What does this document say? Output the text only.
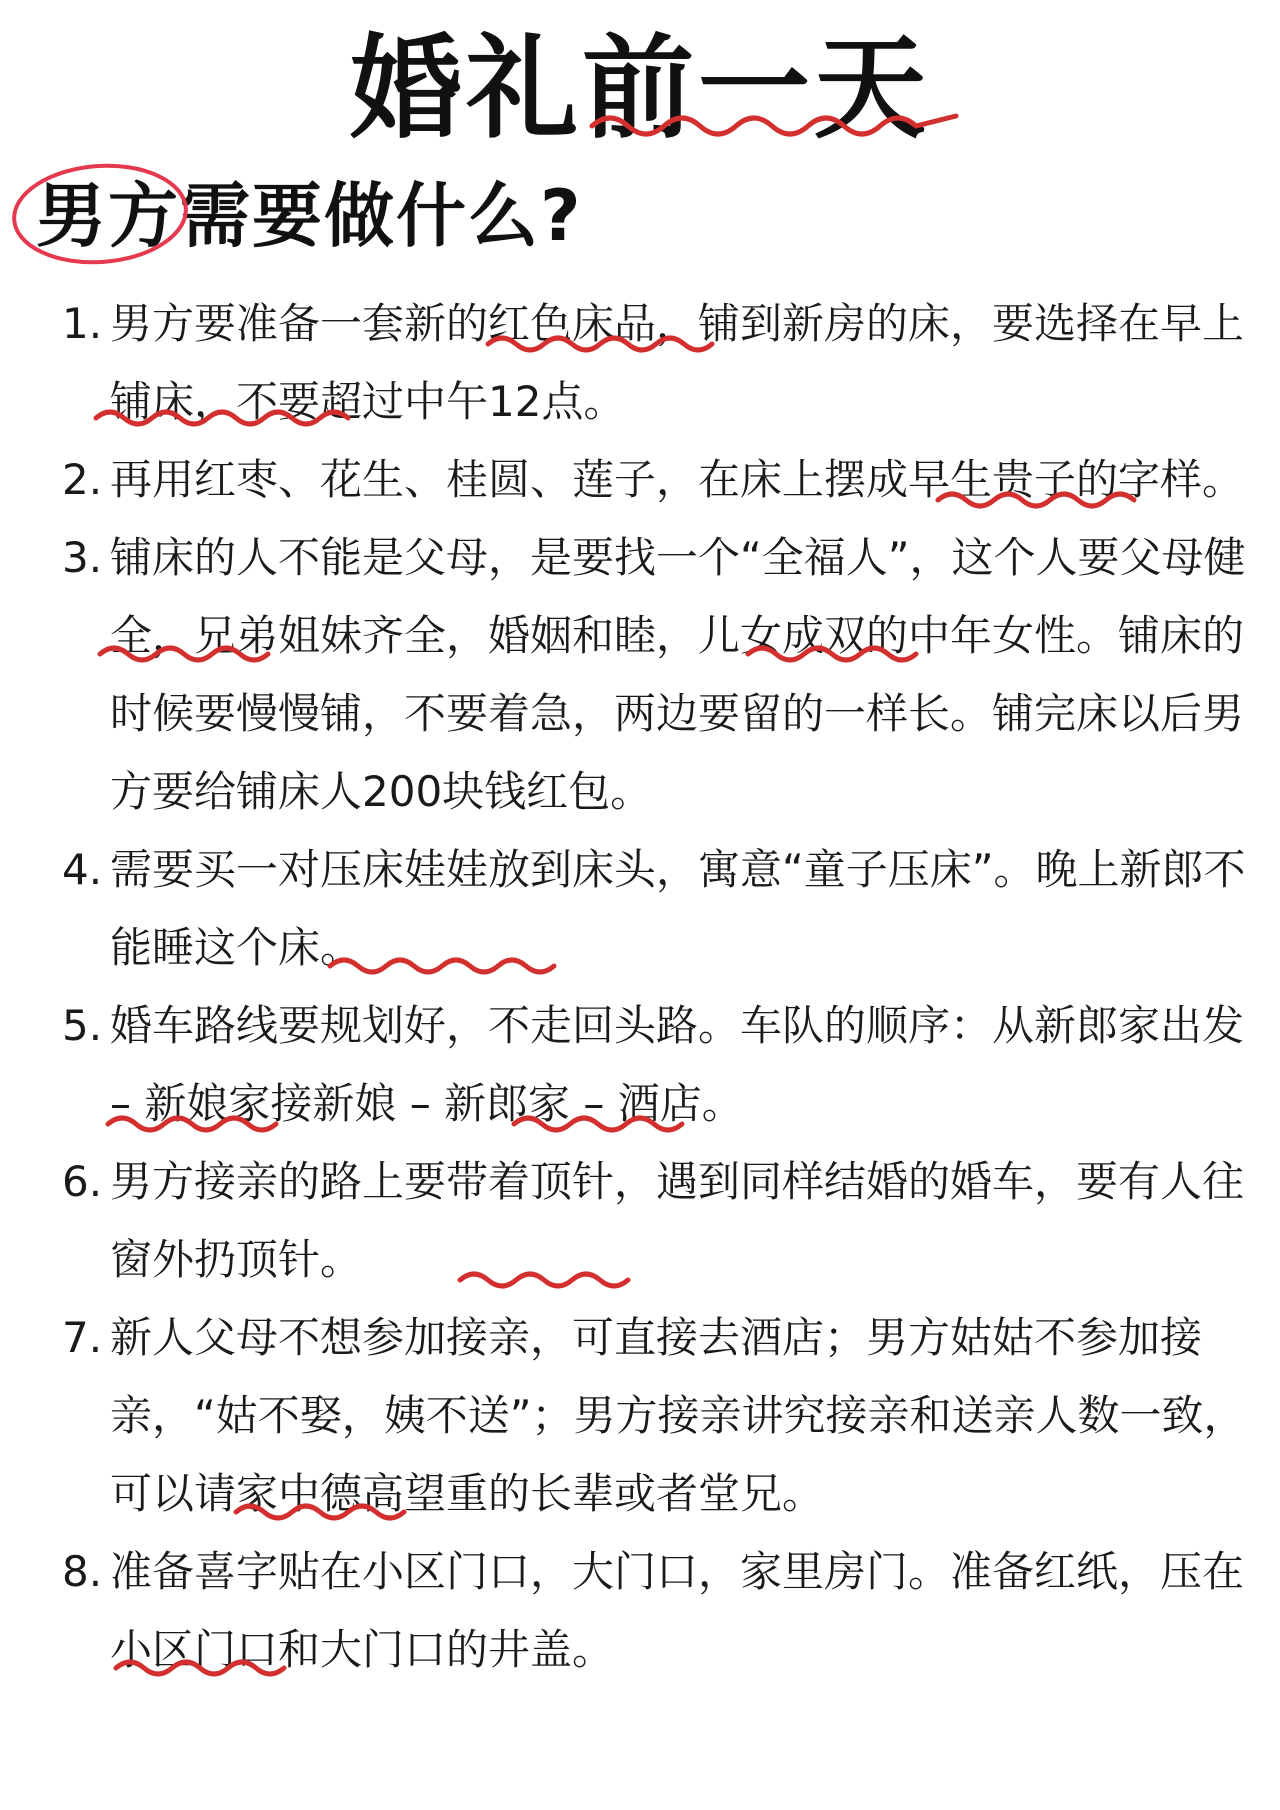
婚礼前一天
男方需要做什么?
1. 男方要准备一套新的红色床品，铺到新房的床，要选择在早上铺床，不要超过中午12点。
2. 再用红枣、花生、桂圆、莲子，在床上摆成早生贵子的字样。
3. 铺床的人不能是父母，是要找一个“全福人”，这个人要父母健全，兄弟姐妹齐全，婚姻和睦，儿女成双的中年女性。铺床的时候要慢慢铺，不要着急，两边要留的一样长。铺完床以后男方要给铺床人200块钱红包。
4. 需要买一对压床娃娃放到床头，寓意“童子压床”。晚上新郎不能睡这个床。
5. 婚车路线要规划好，不走回头路。车队的顺序：从新郎家出发 – 新娘家接新娘 – 新郎家 – 酒店。
6. 男方接亲的路上要带着顶针，遇到同样结婚的婚车，要有人往窗外扔顶针。
7. 新人父母不想参加接亲，可直接去酒店；男方姑姑不参加接亲，“姑不娶，姨不送”；男方接亲讲究接亲和送亲人数一致，可以请家中德高望重的长辈或者堂兄。
8. 准备喜字贴在小区门口，大门口，家里房门。准备红纸，压在小区门口和大门口的井盖。
